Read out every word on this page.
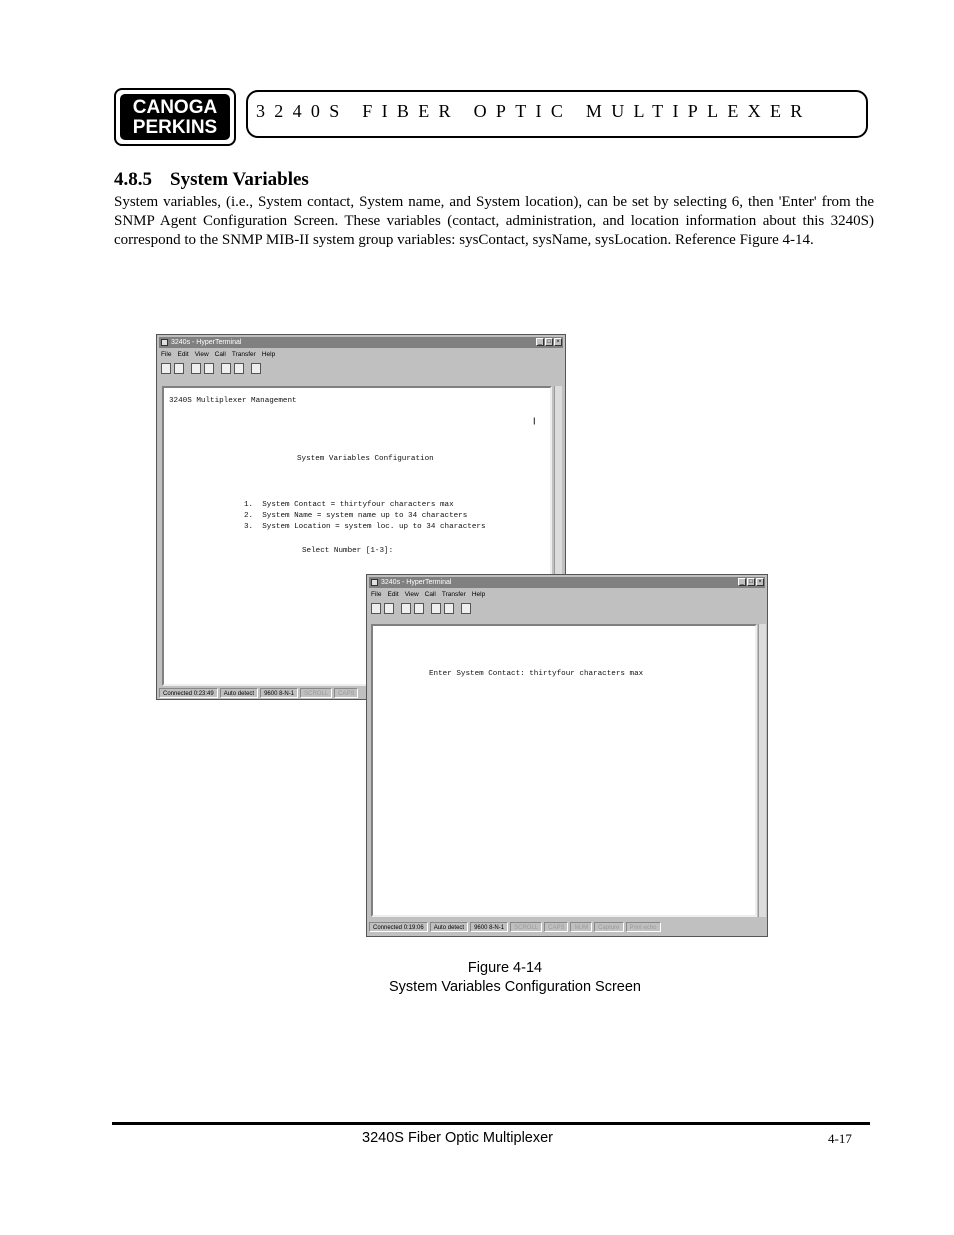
CANOGA
PERKINS
3240S FIBER OPTIC MULTIPLEXER
4.8.5 System Variables
System variables, (i.e., System contact, System name, and System location), can be set by selecting 6, then 'Enter' from the SNMP Agent Configuration Screen. These variables (contact, administration, and location information about this 3240S) correspond to the SNMP MIB-II system group variables: sysContact, sysName, sysLocation. Reference Figure 4-14.
3240s - HyperTerminal	_ □ ×
File Edit View Call Transfer Help
3240S Multiplexer Management
|
System Variables Configuration
1.  System Contact = thirtyfour characters max
2.  System Name = system name up to 34 characters
3.  System Location = system loc. up to 34 characters
Select Number [1-3]:
Connected 0:23:49	Auto detect	9600 8-N-1	SCROLL	CAPS
3240s - HyperTerminal	_ □ ×
File Edit View Call Transfer Help
Enter System Contact: thirtyfour characters max
Connected 0:19:06	Auto detect	9600 8-N-1	SCROLL	CAPS	NUM	Capture	Print echo
Figure 4-14
System Variables Configuration Screen
3240S Fiber Optic Multiplexer	4-17
